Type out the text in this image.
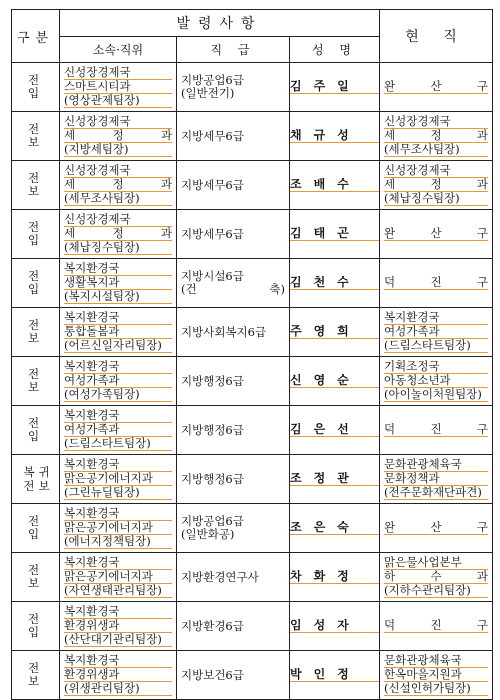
구분	발령사항			현 직
	소속·직위	직 급	성 명	
전 입	신성장경제국
스마트시티과
(영상관제팀장)	지방공업6급
(일반전기)	김주일	완 산 구

전 보	신성장경제국
세 정 과
(지방세팀장)	지방세무6급	채규성	신성장경제국
세 정 과
(세무조사팀장)

전 보	신성장경제국
세 정 과
(세무조사팀장)	지방세무6급	조배수	신성장경제국
세 정 과
(체납징수팀장)

전 입	신성장경제국
세 정 과
(체납징수팀장)	지방세무6급	김태곤	완 산 구

전 입	복지환경국
생활복지과
(복지시설팀장)	지방시설6급
(건 축)	김천수	덕 진 구

전 보	복지환경국
통합돌봄과
(어르신일자리팀장)	지방사회복지6급	주영희	복지환경국
여성가족과
(드림스타트팀장)

전 보	복지환경국
여성가족과
(여성가족팀장)	지방행정6급	신영순	기획조정국
아동청소년과
(아이놀이처원팀장)

전 입	복지환경국
여성가족과
(드림스타트팀장)	지방행정6급	김은선	덕 진 구

복귀 전보	복지환경국
맑은공기에너지과
(그린뉴딜팀장)	지방행정6급	조정관	문화관광체육국
문화정책과
(전주문화재단파견)

전 입	복지환경국
맑은공기에너지과
(에너지정책팀장)	지방공업6급
(일반화공)	조은숙	완 산 구

전 보	복지환경국
맑은공기에너지과
(자연생태관리팀장)	지방환경연구사	차화정	맑은물사업본부
하 수 과
(지하수관리팀장)

전 입	복지환경국
환경위생과
(산단대기관리팀장)	지방환경6급	임성자	덕 진 구

전 보	복지환경국
환경위생과
(위생관리팀장)	지방보건6급	박인정	문화관광체육국
한옥마을지원과
(신설인허가팀장)
